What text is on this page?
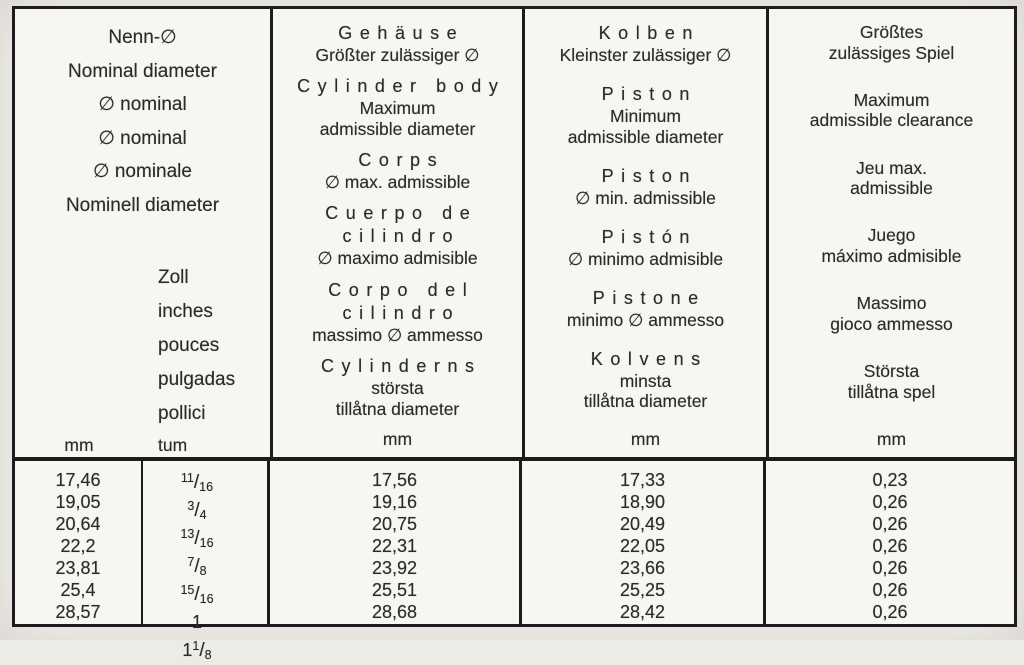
Nenn-∅
Nominal diameter
∅ nominal
∅ nominal
∅ nominale
Nominell diameter
Zoll
inches
pouces
pulgadas
pollici
mm	tum
Gehäuse
Größter zulässiger ∅
Cylinder body
Maximum
admissible diameter
Corps
∅ max. admissible
Cuerpo de
cilindro
∅ maximo admisible
Corpo del
cilindro
massimo ∅ ammesso
Cylinderns
största
tillåtna diameter
mm
Kolben
Kleinster zulässiger ∅
Piston
Minimum
admissible diameter
Piston
∅ min. admissible
Pistón
∅ minimo admisible
Pistone
minimo ∅ ammesso
Kolvens
minsta
tillåtna diameter
mm
Größtes
zulässiges Spiel
Maximum
admissible clearance
Jeu max.
admissible
Juego
máximo admisible
Massimo
gioco ammesso
Största
tillåtna spel
mm
17,46
19,05
20,64
22,2
23,81
25,4
28,57
$^{11}$/16
$^3$/4
$^{13}$/16
$^7$/8
$^{15}$/16
1
1$^1$/8
17,56
19,16
20,75
22,31
23,92
25,51
28,68
17,33
18,90
20,49
22,05
23,66
25,25
28,42
0,23
0,26
0,26
0,26
0,26
0,26
0,26
